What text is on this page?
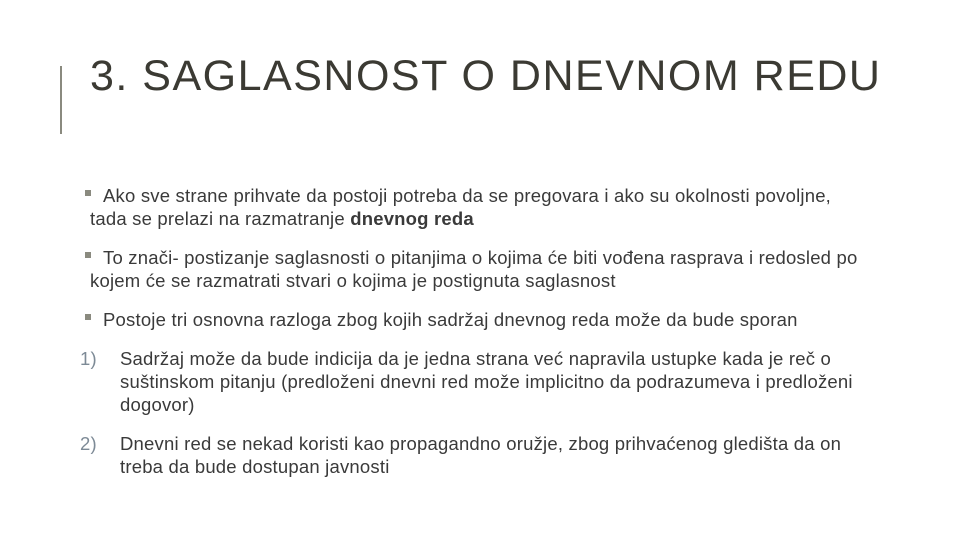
3. SAGLASNOST O DNEVNOM REDU
Ako sve strane prihvate da postoji potreba da se pregovara i ako su okolnosti povoljne, tada se prelazi na razmatranje dnevnog reda
To znači- postizanje saglasnosti o pitanjima o kojima će biti vođena rasprava i redosled po kojem će se razmatrati stvari o kojima je postignuta saglasnost
Postoje tri osnovna razloga zbog kojih sadržaj dnevnog reda može da bude sporan
1) Sadržaj može da bude indicija da je jedna strana već napravila ustupke kada je reč o suštinskom pitanju (predloženi dnevni red može implicitno da podrazumeva i predloženi dogovor)
2) Dnevni red se nekad koristi kao propagandno oružje, zbog prihvaćenog gledišta da on treba da bude dostupan javnosti
